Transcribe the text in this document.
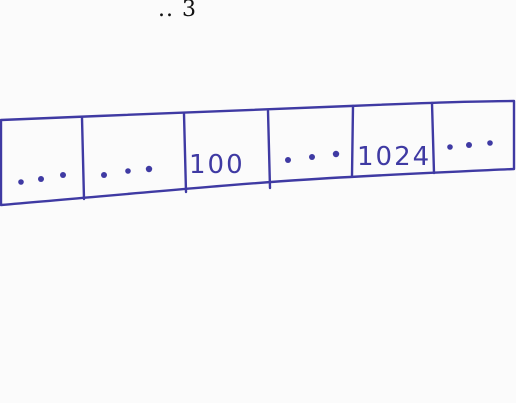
.. 3
100	1024
